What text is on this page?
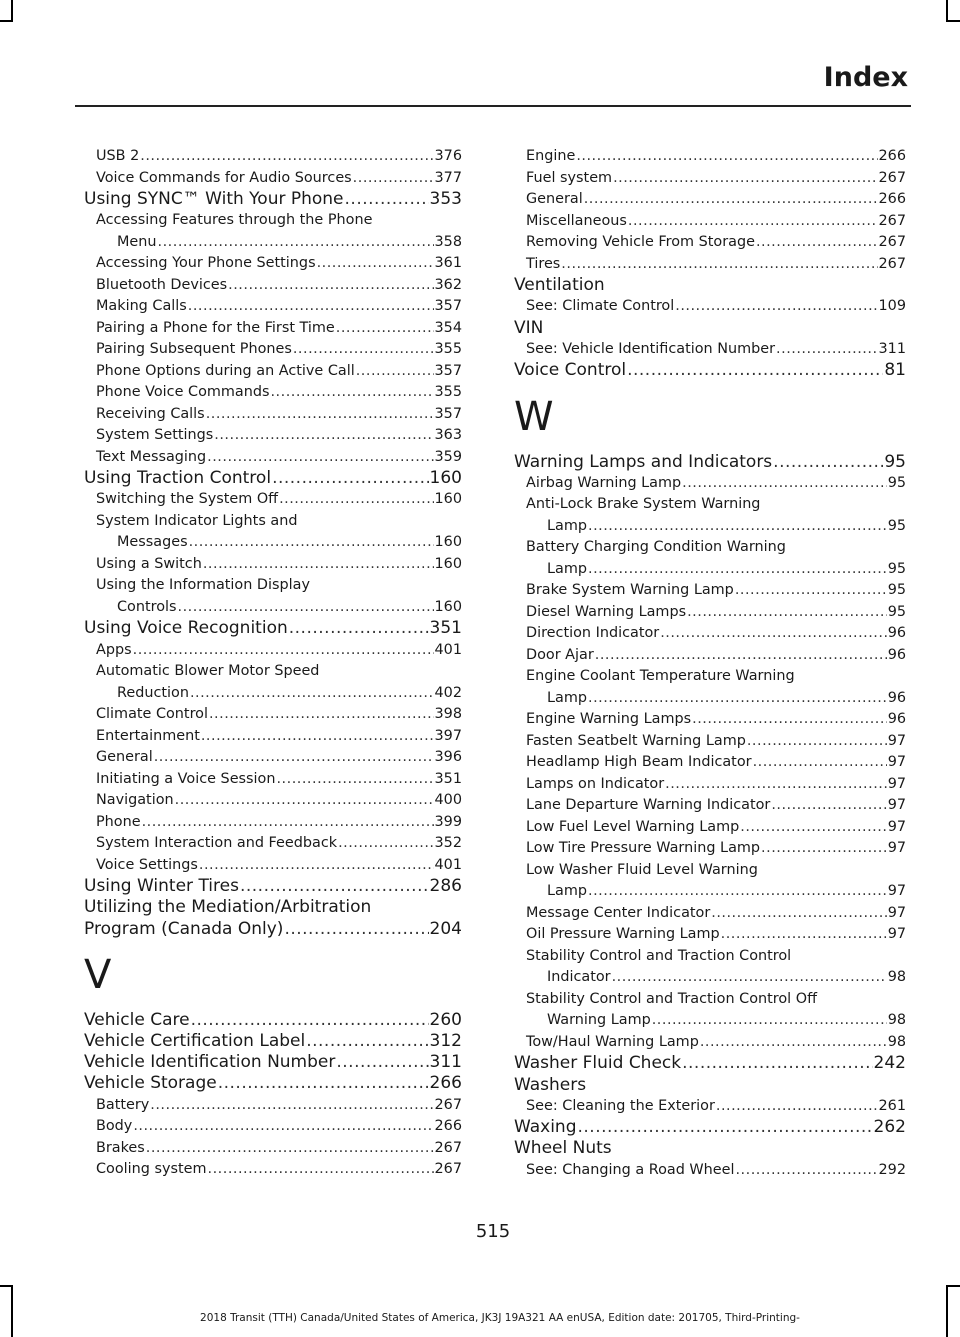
Index
USB 2 .....	376
Voice Commands for Audio Sources .....	377
Using SYNC™ With Your Phone .....	353
Accessing Features through the Phone
Menu .....	358
Accessing Your Phone Settings .....	361
Bluetooth Devices .....	362
Making Calls .....	357
Pairing a Phone for the First Time .....	354
Pairing Subsequent Phones .....	355
Phone Options during an Active Call .....	357
Phone Voice Commands .....	355
Receiving Calls .....	357
System Settings .....	363
Text Messaging .....	359
Using Traction Control .....	160
Switching the System Off .....	160
System Indicator Lights and
Messages .....	160
Using a Switch .....	160
Using the Information Display
Controls .....	160
Using Voice Recognition .....	351
Apps .....	401
Automatic Blower Motor Speed
Reduction .....	402
Climate Control .....	398
Entertainment .....	397
General .....	396
Initiating a Voice Session .....	351
Navigation .....	400
Phone .....	399
System Interaction and Feedback .....	352
Voice Settings .....	401
Using Winter Tires .....	286
Utilizing the Mediation/Arbitration
Program (Canada Only) .....	204
V
Vehicle Care .....	260
Vehicle Certification Label .....	312
Vehicle Identification Number .....	311
Vehicle Storage .....	266
Battery .....	267
Body .....	266
Brakes .....	267
Cooling system .....	267
Engine .....	266
Fuel system .....	267
General .....	266
Miscellaneous .....	267
Removing Vehicle From Storage .....	267
Tires .....	267
Ventilation
See: Climate Control .....	109
VIN
See: Vehicle Identification Number .....	311
Voice Control .....	81
W
Warning Lamps and Indicators .....	95
Airbag Warning Lamp .....	95
Anti-Lock Brake System Warning
Lamp .....	95
Battery Charging Condition Warning
Lamp .....	95
Brake System Warning Lamp .....	95
Diesel Warning Lamps .....	95
Direction Indicator .....	96
Door Ajar .....	96
Engine Coolant Temperature Warning
Lamp .....	96
Engine Warning Lamps .....	96
Fasten Seatbelt Warning Lamp .....	97
Headlamp High Beam Indicator .....	97
Lamps on Indicator .....	97
Lane Departure Warning Indicator .....	97
Low Fuel Level Warning Lamp .....	97
Low Tire Pressure Warning Lamp .....	97
Low Washer Fluid Level Warning
Lamp .....	97
Message Center Indicator .....	97
Oil Pressure Warning Lamp .....	97
Stability Control and Traction Control
Indicator .....	98
Stability Control and Traction Control Off
Warning Lamp .....	98
Tow/Haul Warning Lamp .....	98
Washer Fluid Check .....	242
Washers
See: Cleaning the Exterior .....	261
Waxing .....	262
Wheel Nuts
See: Changing a Road Wheel .....	292
515
2018 Transit (TTH) Canada/United States of America, JK3J 19A321 AA enUSA, Edition date: 201705, Third-Printing-
